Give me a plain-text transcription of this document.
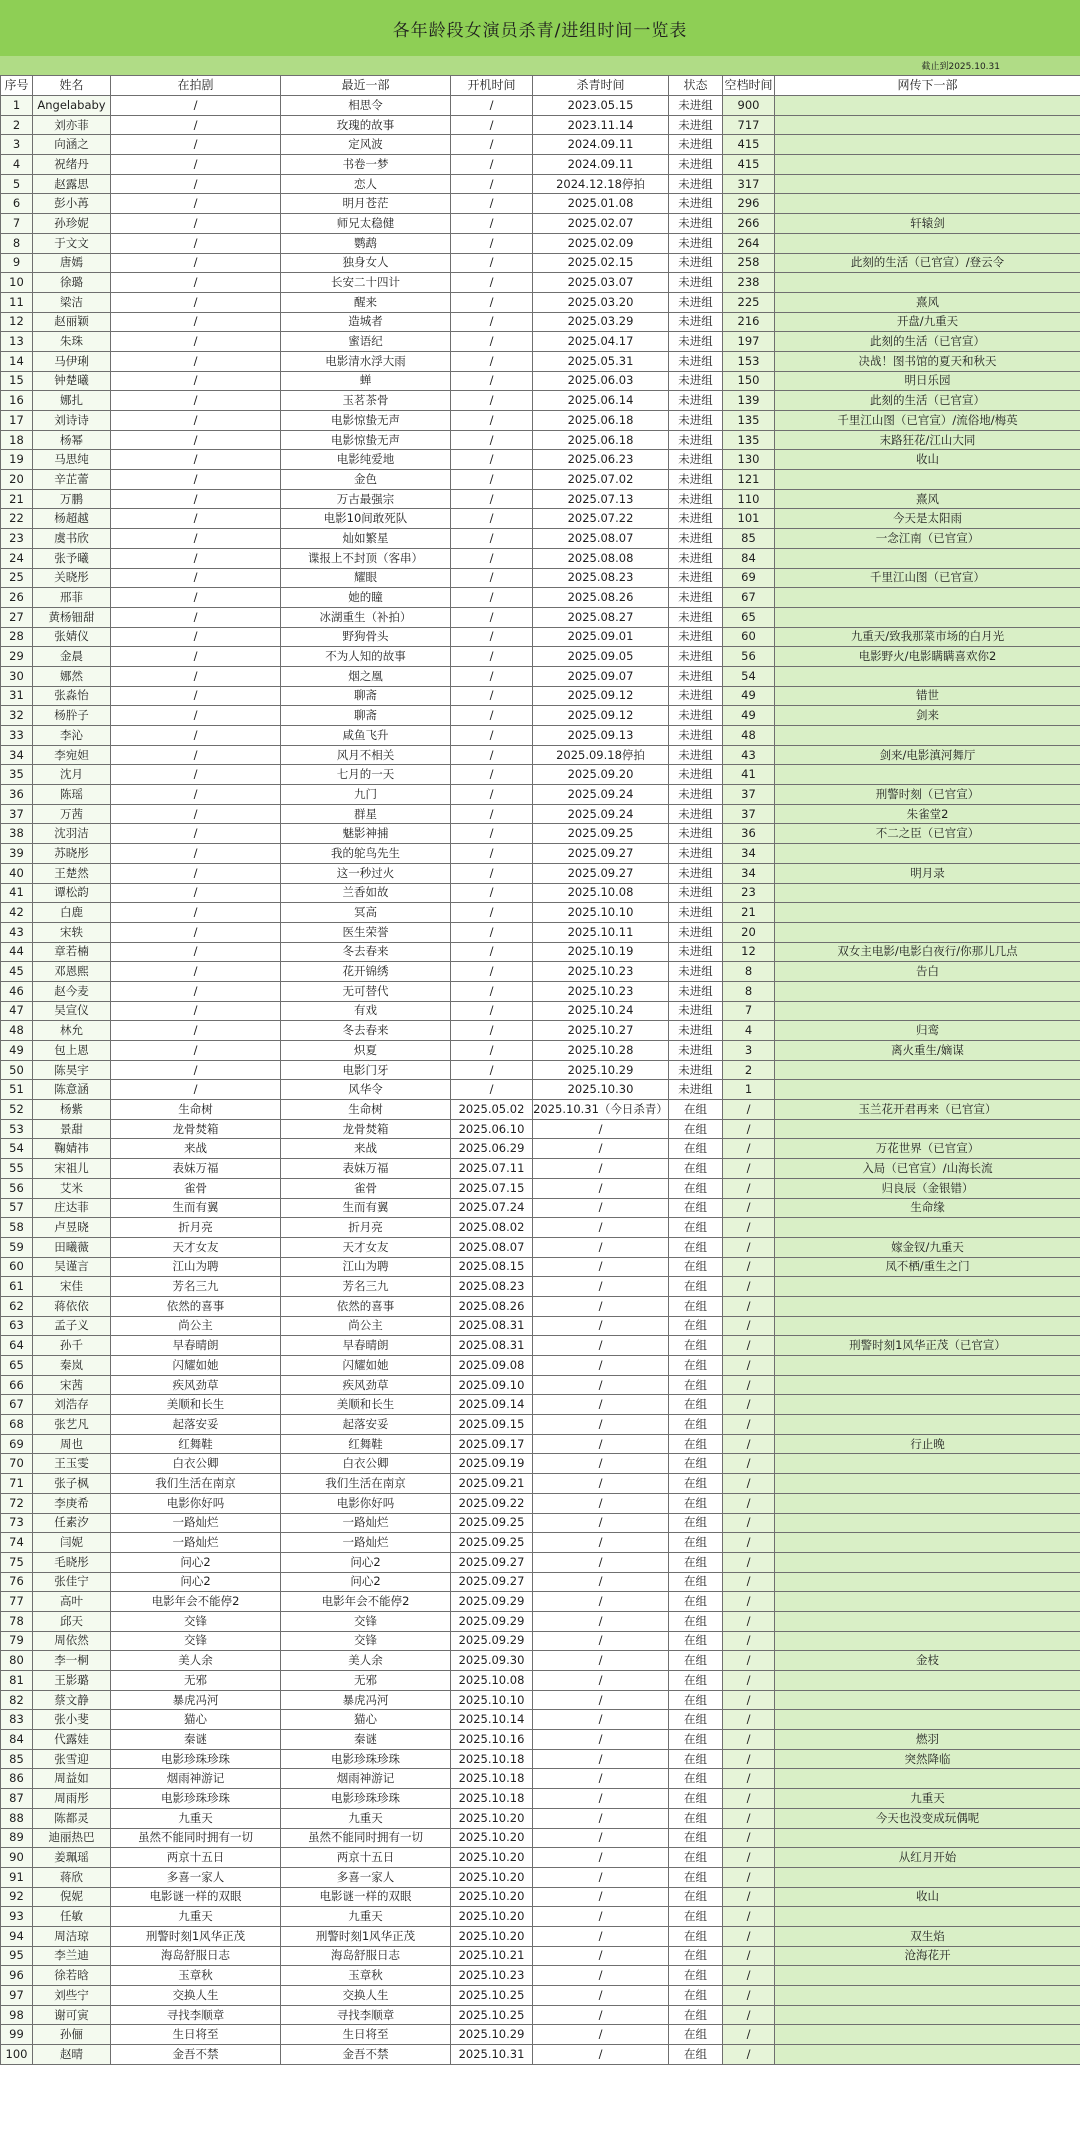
各年龄段女演员杀青/进组时间一览表
截止到2025.10.31
序号	姓名	在拍剧	最近一部	开机时间	杀青时间	状态	空档时间	网传下一部
1	Angelababy	/	相思令	/	2023.05.15	未进组	900	
2	刘亦菲	/	玫瑰的故事	/	2023.11.14	未进组	717	
3	向涵之	/	定风波	/	2024.09.11	未进组	415	
4	祝绪丹	/	书卷一梦	/	2024.09.11	未进组	415	
5	赵露思	/	恋人	/	2024.12.18停拍	未进组	317	
6	彭小苒	/	明月苍茫	/	2025.01.08	未进组	296	
7	孙珍妮	/	师兄太稳健	/	2025.02.07	未进组	266	轩辕剑
8	于文文	/	鹦鹉	/	2025.02.09	未进组	264	
9	唐嫣	/	独身女人	/	2025.02.15	未进组	258	此刻的生活（已官宣）/登云令
10	徐璐	/	长安二十四计	/	2025.03.07	未进组	238	
11	梁洁	/	醒来	/	2025.03.20	未进组	225	熹风
12	赵丽颖	/	造城者	/	2025.03.29	未进组	216	开盘/九重天
13	朱珠	/	蜜语纪	/	2025.04.17	未进组	197	此刻的生活（已官宣）
14	马伊琍	/	电影清水浮大雨	/	2025.05.31	未进组	153	决战！图书馆的夏天和秋天
15	钟楚曦	/	蝉	/	2025.06.03	未进组	150	明日乐园
16	娜扎	/	玉茗茶骨	/	2025.06.14	未进组	139	此刻的生活（已官宣）
17	刘诗诗	/	电影惊蛰无声	/	2025.06.18	未进组	135	千里江山图（已官宣）/流俗地/梅英
18	杨幂	/	电影惊蛰无声	/	2025.06.18	未进组	135	末路狂花/江山大同
19	马思纯	/	电影纯爱地	/	2025.06.23	未进组	130	收山
20	辛芷蕾	/	金色	/	2025.07.02	未进组	121	
21	万鹏	/	万古最强宗	/	2025.07.13	未进组	110	熹风
22	杨超越	/	电影10间敢死队	/	2025.07.22	未进组	101	今天是太阳雨
23	虞书欣	/	灿如繁星	/	2025.08.07	未进组	85	一念江南（已官宣）
24	张予曦	/	谍报上不封顶（客串）	/	2025.08.08	未进组	84	
25	关晓彤	/	耀眼	/	2025.08.23	未进组	69	千里江山图（已官宣）
26	邢菲	/	她的瞳	/	2025.08.26	未进组	67	
27	黄杨钿甜	/	冰湖重生（补拍）	/	2025.08.27	未进组	65	
28	张婧仪	/	野狗骨头	/	2025.09.01	未进组	60	九重天/致我那菜市场的白月光
29	金晨	/	不为人知的故事	/	2025.09.05	未进组	56	电影野火/电影瞒瞒喜欢你2
30	娜然	/	烟之凰	/	2025.09.07	未进组	54	
31	张淼怡	/	聊斋	/	2025.09.12	未进组	49	错世
32	杨肸子	/	聊斋	/	2025.09.12	未进组	49	剑来
33	李沁	/	咸鱼飞升	/	2025.09.13	未进组	48	
34	李宛妲	/	风月不相关	/	2025.09.18停拍	未进组	43	剑来/电影滇河舞厅
35	沈月	/	七月的一天	/	2025.09.20	未进组	41	
36	陈瑶	/	九门	/	2025.09.24	未进组	37	刑警时刻（已官宣）
37	万茜	/	群星	/	2025.09.24	未进组	37	朱雀堂2
38	沈羽洁	/	魅影神捕	/	2025.09.25	未进组	36	不二之臣（已官宣）
39	苏晓彤	/	我的鸵鸟先生	/	2025.09.27	未进组	34	
40	王楚然	/	这一秒过火	/	2025.09.27	未进组	34	明月录
41	谭松韵	/	兰香如故	/	2025.10.08	未进组	23	
42	白鹿	/	冥高	/	2025.10.10	未进组	21	
43	宋轶	/	医生荣誉	/	2025.10.11	未进组	20	
44	章若楠	/	冬去春来	/	2025.10.19	未进组	12	双女主电影/电影白夜行/你那儿几点
45	邓恩熙	/	花开锦绣	/	2025.10.23	未进组	8	告白
46	赵今麦	/	无可替代	/	2025.10.23	未进组	8	
47	吴宣仪	/	有戏	/	2025.10.24	未进组	7	
48	林允	/	冬去春来	/	2025.10.27	未进组	4	归鸾
49	包上恩	/	炽夏	/	2025.10.28	未进组	3	离火重生/嫡谋
50	陈昊宇	/	电影门牙	/	2025.10.29	未进组	2	
51	陈意涵	/	风华令	/	2025.10.30	未进组	1	
52	杨紫	生命树	生命树	2025.05.02	2025.10.31（今日杀青）	在组	/	玉兰花开君再来（已官宣）
53	景甜	龙骨焚箱	龙骨焚箱	2025.06.10	/	在组	/	
54	鞠婧祎	来战	来战	2025.06.29	/	在组	/	万花世界（已官宣）
55	宋祖儿	表妹万福	表妹万福	2025.07.11	/	在组	/	入局（已官宣）/山海长流
56	艾米	雀骨	雀骨	2025.07.15	/	在组	/	归良辰（金银错）
57	庄达菲	生而有翼	生而有翼	2025.07.24	/	在组	/	生命缘
58	卢昱晓	折月亮	折月亮	2025.08.02	/	在组	/	
59	田曦薇	天才女友	天才女友	2025.08.07	/	在组	/	嫁金钗/九重天
60	吴谨言	江山为聘	江山为聘	2025.08.15	/	在组	/	凤不栖/重生之门
61	宋佳	芳名三九	芳名三九	2025.08.23	/	在组	/	
62	蒋依依	依然的喜事	依然的喜事	2025.08.26	/	在组	/	
63	孟子义	尚公主	尚公主	2025.08.31	/	在组	/	
64	孙千	早春晴朗	早春晴朗	2025.08.31	/	在组	/	刑警时刻1风华正茂（已官宣）
65	秦岚	闪耀如她	闪耀如她	2025.09.08	/	在组	/	
66	宋茜	疾风劲草	疾风劲草	2025.09.10	/	在组	/	
67	刘浩存	美顺和长生	美顺和长生	2025.09.14	/	在组	/	
68	张艺凡	起落安妥	起落安妥	2025.09.15	/	在组	/	
69	周也	红舞鞋	红舞鞋	2025.09.17	/	在组	/	行止晚
70	王玉雯	白衣公卿	白衣公卿	2025.09.19	/	在组	/	
71	张子枫	我们生活在南京	我们生活在南京	2025.09.21	/	在组	/	
72	李庚希	电影你好吗	电影你好吗	2025.09.22	/	在组	/	
73	任素汐	一路灿烂	一路灿烂	2025.09.25	/	在组	/	
74	闫妮	一路灿烂	一路灿烂	2025.09.25	/	在组	/	
75	毛晓彤	问心2	问心2	2025.09.27	/	在组	/	
76	张佳宁	问心2	问心2	2025.09.27	/	在组	/	
77	高叶	电影年会不能停2	电影年会不能停2	2025.09.29	/	在组	/	
78	邱天	交锋	交锋	2025.09.29	/	在组	/	
79	周依然	交锋	交锋	2025.09.29	/	在组	/	
80	李一桐	美人余	美人余	2025.09.30	/	在组	/	金枝
81	王影璐	无邪	无邪	2025.10.08	/	在组	/	
82	蔡文静	暴虎冯河	暴虎冯河	2025.10.10	/	在组	/	
83	张小斐	猫心	猫心	2025.10.14	/	在组	/	
84	代露娃	秦谜	秦谜	2025.10.16	/	在组	/	燃羽
85	张雪迎	电影珍珠珍珠	电影珍珠珍珠	2025.10.18	/	在组	/	突然降临
86	周益如	烟雨神游记	烟雨神游记	2025.10.18	/	在组	/	
87	周雨彤	电影珍珠珍珠	电影珍珠珍珠	2025.10.18	/	在组	/	九重天
88	陈都灵	九重天	九重天	2025.10.20	/	在组	/	今天也没变成玩偶呢
89	迪丽热巴	虽然不能同时拥有一切	虽然不能同时拥有一切	2025.10.20	/	在组	/	
90	姜珮瑶	两京十五日	两京十五日	2025.10.20	/	在组	/	从红月开始
91	蒋欣	多喜一家人	多喜一家人	2025.10.20	/	在组	/	
92	倪妮	电影谜一样的双眼	电影谜一样的双眼	2025.10.20	/	在组	/	收山
93	任敏	九重天	九重天	2025.10.20	/	在组	/	
94	周洁琼	刑警时刻1风华正茂	刑警时刻1风华正茂	2025.10.20	/	在组	/	双生焰
95	李兰迪	海岛舒服日志	海岛舒服日志	2025.10.21	/	在组	/	沧海花开
96	徐若晗	玉章秋	玉章秋	2025.10.23	/	在组	/	
97	刘些宁	交换人生	交换人生	2025.10.25	/	在组	/	
98	谢可寅	寻找李顺章	寻找李顺章	2025.10.25	/	在组	/	
99	孙俪	生日将至	生日将至	2025.10.29	/	在组	/	
100	赵晴	金吾不禁	金吾不禁	2025.10.31	/	在组	/	
